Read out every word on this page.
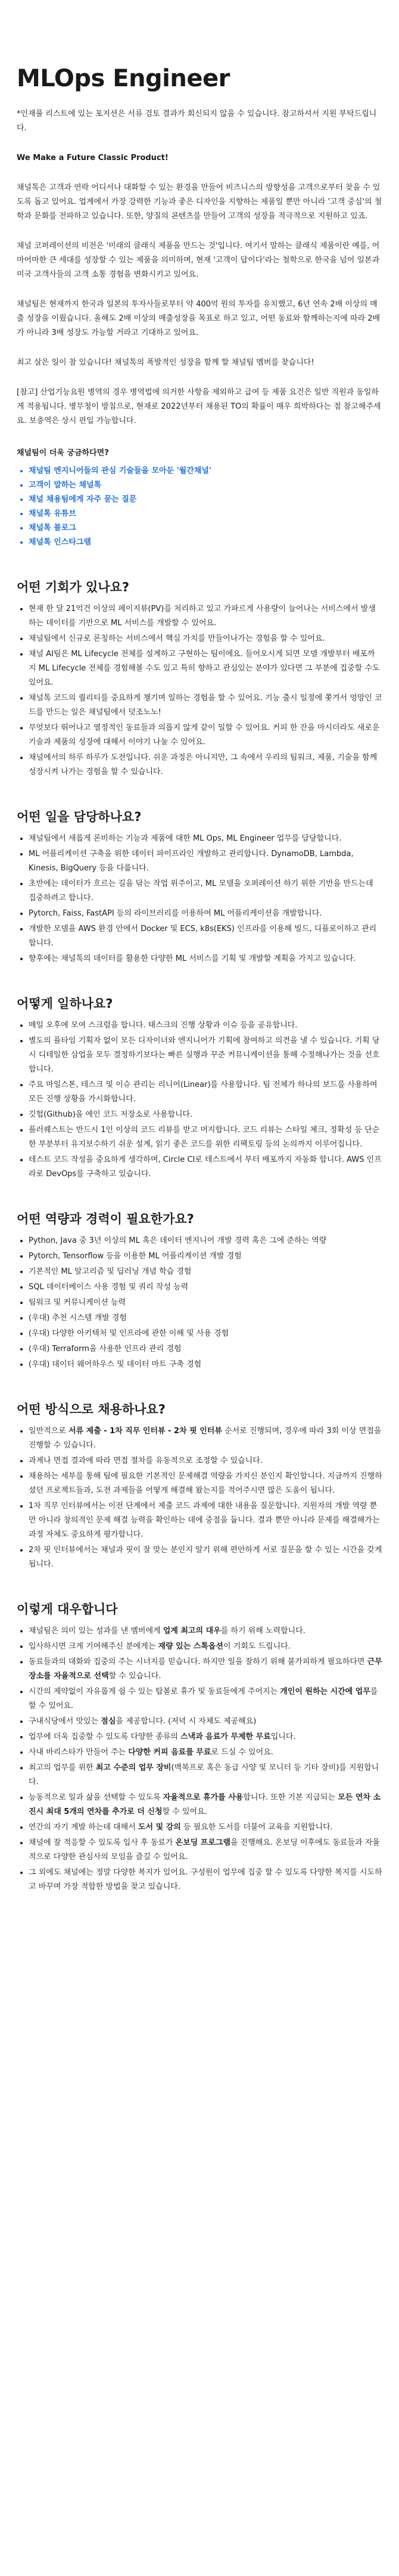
MLOps Engineer

*인재풀 리스트에 있는 포지션은 서류 검토 결과가 회신되지 않을 수 있습니다. 참고하셔서 지원 부탁드립니다.

We Make a Future Classic Product!

채널톡은 고객과 연락 어디서나 대화할 수 있는 환경을 만들어 비즈니스의 방향성을 고객으로부터 찾을 수 있도록 돕고 있어요. 업계에서 가장 강력한 기능과 좋은 디자인을 지향하는 제품일 뿐만 아니라 '고객 중심'의 철학과 문화를 전파하고 있습니다. 또한, 양질의 콘텐츠를 만들어 고객의 성장을 적극적으로 지원하고 있죠.

채널 코퍼레이션의 비전은 '미래의 클래식 제품을 만드는 것'입니다. 여기서 말하는 클래식 제품이란 예를, 어마어마한 큰 세대를 성장할 수 있는 제품을 의미하며, 현재 '고객이 답이다'라는 철학으로 한국을 넘어 일본과 미국 고객사들의 고객 소통 경험을 변화시키고 있어요.

채널팀은 현재까지 한국과 일본의 투자사들로부터 약 400억 원의 투자를 유치했고, 6년 연속 2배 이상의 매출 성장을 이뤘습니다. 올해도 2배 이상의 매출성장을 목표로 하고 있고, 어떤 동료와 함께하는지에 따라 2배가 아니라 3배 성장도 가능할 거라고 기대하고 있어요.

최고 살은 일이 참 있습니다! 채널톡의 폭발적인 성장을 함께 할 채널팀 멤버를 찾습니다!

[참고] 산업기능요원 병역의 경우 병역법에 의거한 사항을 제외하고 급여 등 제품 요건은 일반 직원과 동일하게 적용됩니다. 병무청이 방침으로, 현재로 2022년부터 채용된 TO의 확률이 매우 희박하다는 점 참고해주세요. 보충역은 상시 편입 가능합니다.

채널팀이 더욱 궁금하다면?
• 채널팀 엔지니어들의 관심 기술들을 모아둔 '월간채널'
• 고객이 말하는 채널톡
• 채널 채용팀에게 자주 묻는 질문
• 채널톡 유튜브
• 채널톡 블로그
• 채널톡 인스타그램
어떤 기회가 있나요?
• 현재 한 달 21억건 이상의 페이지뷰(PV)를 처리하고 있고 가파르게 사용량이 늘어나는 서비스에서 발생하는 데이터를 기반으로 ML 서비스를 개발할 수 있어요.
• 채널팀에서 신규로 론칭하는 서비스에서 핵심 가치를 만들어나가는 경험을 할 수 있어요.
• 채널 AI팀은 ML Lifecycle 전체를 설계하고 구현하는 팀이에요. 들어오시게 되면 모델 개발부터 배포까지 ML Lifecycle 전체를 경험해볼 수도 있고 특히 향하고 관심있는 분야가 있다면 그 부분에 집중할 수도 있어요.
• 채널톡 코드의 퀄리티를 중요하게 챙기며 일하는 경험을 할 수 있어요. 기능 출시 일정에 쫓겨서 엉망인 코드를 만드는 일은 채널팀에서 덧조노노!
• 무엇보다 뛰어나고 열정적인 동료들과 의롭지 않게 같이 일할 수 있어요. 커피 한 잔을 마시더라도 새로운 기술과 제품의 성장에 대해서 이야기 나눌 수 있어요.
• 채널에서의 하루 하루가 도전입니다. 쉬운 과정은 아니지만, 그 속에서 우리의 팀워크, 제품, 기술을 함께 성장시켜 나가는 경험을 할 수 있습니다.
어떤 일을 담당하나요?
• 채널팀에서 새롭게 론비하는 기능과 제품에 대한 ML Ops, ML Engineer 업무를 담당합니다.
• ML 어플리케이션 구축을 위한 데이터 파이프라인 개발하고 관리합니다. DynamoDB, Lambda, Kinesis, BigQuery 등을 다룹니다.
• 초반에는 데이터가 흐르는 길을 닦는 작업 위주이고, ML 모델을 오퍼레이션 하기 위한 기반을 만드는데 집중하려고 합니다.
• Pytorch, Faiss, FastAPI 등의 라이브러리를 이용하여 ML 어플리케이션을 개발합니다.
• 개발한 모델을 AWS 환경 안에서 Docker 및 ECS, k8s(EKS) 인프라를 이용해 빌드, 디플로이하고 관리합니다.
• 향후에는 채널톡의 데이터를 활용한 다양한 ML 서비스를 기획 및 개발할 계획을 가지고 있습니다.
어떻게 일하나요?
• 매일 오후에 모여 스크럼을 합니다. 태스크의 진행 상황과 이슈 등을 공유합니다.
• 별도의 플타임 기획자 없이 모든 디자이너와 엔지니어가 기획에 참여하고 의견을 낼 수 있습니다. 기획 당시 디테일한 삼업을 모두 결정하기보다는 빠른 실행과 꾸준 커뮤니케이션을 통해 수정해나가는 것을 선호합니다.
• 주요 마일스톤, 테스크 및 이슈 관리는 리니어(Linear)를 사용합니다. 팀 전체가 하나의 보드를 사용하여 모든 진행 상황을 가시화합니다.
• 깃헙(Github)을 에인 코드 저장소로 사용합니다.
• 플러퀘스트는 반드시 1인 이상의 코드 리뷰를 받고 머지합니다. 코드 리뷰는 스타일 체크, 정확성 등 단순한 부분부터 유지보수하기 쉬운 설계, 읽기 좋은 코드를 위한 리팩토링 등의 논의까지 이루어집니다.
• 테스트 코드 작성을 중요하게 생각하며, Circle CI로 테스트에서 부터 배포까지 자동화 합니다. AWS 인프라로 DevOps를 구축하고 있습니다.
어떤 역량과 경력이 필요한가요?
• Python, Java 중 3년 이상의 ML 혹은 데이터 엔지니어 개발 경력 혹은 그에 준하는 역량
• Pytorch, Tensorflow 등을 이용한 ML 어플리케이션 개발 경험
• 기본적인 ML 알고리즘 및 딥러닝 개념 학습 경험
• SQL 데이터베이스 사용 경험 및 쿼리 작성 능력
• 팀워크 및 커뮤니케이션 능력
• (우대) 추천 시스템 개발 경험
• (우대) 다양한 아키텍처 및 인프라에 관한 이해 및 사용 경험
• (우대) Terraform을 사용한 인프라 관리 경험
• (우대) 데이터 웨어하우스 및 데이터 마트 구축 경험
어떤 방식으로 채용하나요?
• 일반적으로 서류 제출 - 1차 직무 인터뷰 - 2차 핏 인터뷰 순서로 진행되며, 경우에 따라 3회 이상 면접을 진행할 수 있습니다.
• 과제나 면접 결과에 따라 면접 절차를 유동적으로 조정할 수 있습니다.
• 채용하는 세부를 통해 팀에 필요한 기본적인 문제해결 역량을 가지신 분인지 확인합니다. 지금까지 진행하셨던 프로젝트들과, 도전 과제들을 어떻게 해결해 왔는지를 적어주시면 많은 도움이 됩니다.
• 1차 직무 인터뷰에서는 이전 단계에서 제출 코드 과제에 대한 내용을 질문합니다. 지원자의 개발 역량 뿐만 아니라 창의적인 문제 해결 능력을 확인하는 데에 중점을 둡니다. 결과 뿐만 아니라 문제를 해결해가는 과정 자체도 중요하게 평가합니다.
• 2차 핏 인터뷰에서는 채널과 핏이 잘 맞는 분인지 알기 위해 편안하게 서로 질문을 할 수 있는 시간을 갖게 됩니다.
이렇게 대우합니다
• 채널팀은 의미 있는 성과를 낸 멤버에게 업계 최고의 대우를 하기 위해 노력합니다.
• 입사하시면 크게 기여해주신 분에게는 재량 있는 스톡옵션이 기회도 드립니다.
• 동료들과의 대화와 집중의 주는 시너지를 믿습니다. 하지만 일을 잘하기 위해 불가피하게 필요하다면 근무장소를 자율적으로 선택할 수 있습니다.
• 시간의 제약없이 자유롭게 쉴 수 있는 탑볼로 휴가 및 동료들에게 주어지는 개인이 원하는 시간에 업무를 할 수 있어요.
• 구내식당에서 맛있는 점심을 제공합니다. (저녁 시 자체도 제공해요)
• 업무에 더욱 집중할 수 있도록 다양한 종류의 스낵과 음료가 무제한 무료입니다.
• 사내 바리스타가 만들어 주는 다양한 커피 음료를 무료로 드실 수 있어요.
• 최고의 업무를 위한 최고 수준의 업무 장비(맥북프로 혹은 동급 사양 및 모니터 등 기타 장비)를 지원합니다.
• 능동적으로 일과 삶을 선택할 수 있도록 자율적으로 휴가를 사용합니다. 또한 기본 지급되는 모든 연차 소진시 최대 5개의 연차를 추가로 더 신청할 수 있어요.
• 연간의 자기 계발 하는데 대해서 도서 및 강의 등 필요한 도서를 더불어 교육을 지원합니다.
• 채널에 잘 적응할 수 있도록 입사 후 동료가 온보딩 프로그램을 진행해요. 온보딩 이후에도 동료들과 자율적으로 다양한 관심사의 모임을 즐길 수 있어요.
• 그 외에도 채널에는 정말 다양한 복지가 있어요. 구성원이 업무에 집중 할 수 있도록 다양한 복지를 시도하고 바꾸며 가장 적합한 방법을 찾고 있습니다.
